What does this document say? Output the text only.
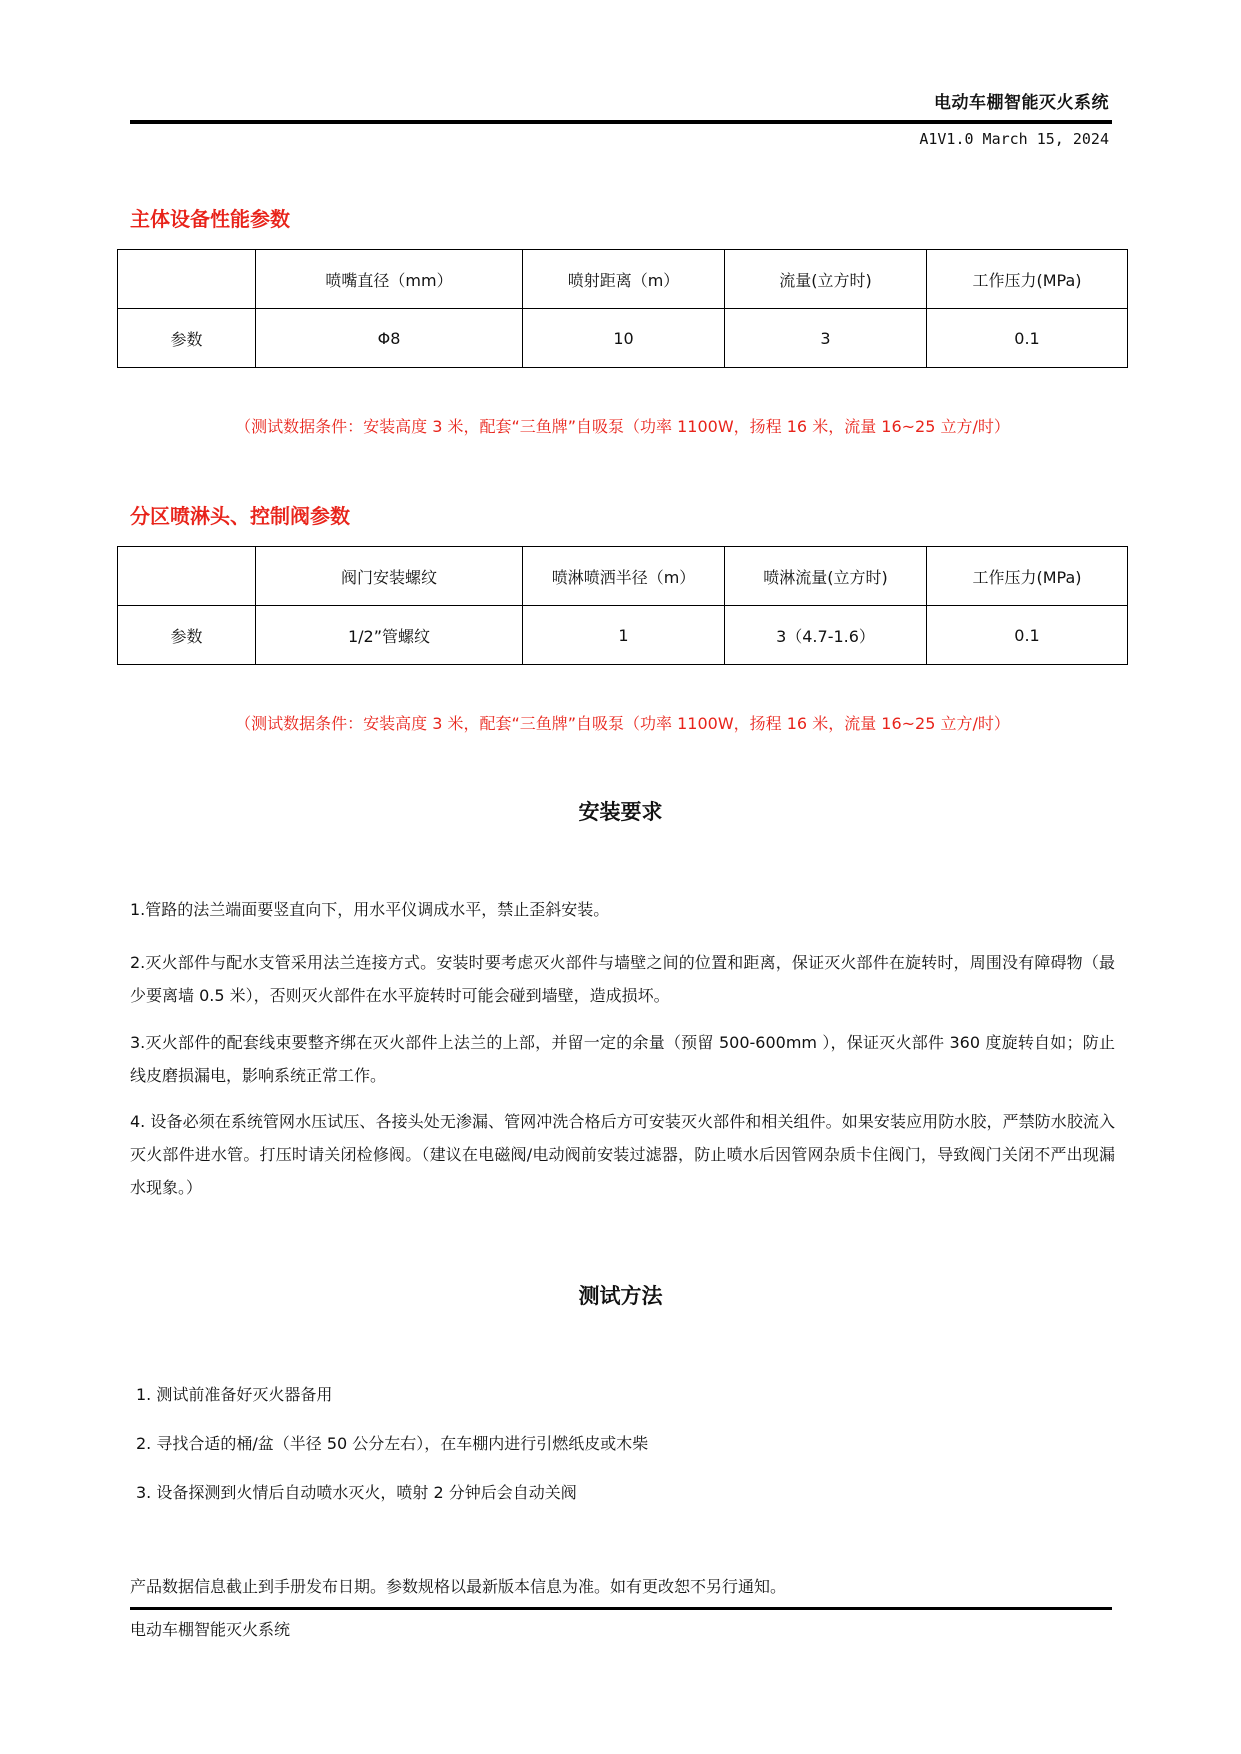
电动车棚智能灭火系统
A1V1.0 March 15, 2024
主体设备性能参数
	喷嘴直径（mm）	喷射距离（m）	流量(立方时)	工作压力(MPa)
参数	Φ8	10	3	0.1
（测试数据条件：安装高度 3 米，配套“三鱼牌”自吸泵（功率 1100W，扬程 16 米，流量 16~25 立方/时）
分区喷淋头、控制阀参数
	阀门安装螺纹	喷淋喷洒半径（m）	喷淋流量(立方时)	工作压力(MPa)
参数	1/2”管螺纹	1	3（4.7-1.6）	0.1
（测试数据条件：安装高度 3 米，配套“三鱼牌”自吸泵（功率 1100W，扬程 16 米，流量 16~25 立方/时）
安装要求
1.管路的法兰端面要竖直向下，用水平仪调成水平，禁止歪斜安装。
2.灭火部件与配水支管采用法兰连接方式。安装时要考虑灭火部件与墙壁之间的位置和距离，保证灭火部件在旋转时，周围没有障碍物（最少要离墙 0.5 米），否则灭火部件在水平旋转时可能会碰到墙壁，造成损坏。
3.灭火部件的配套线束要整齐绑在灭火部件上法兰的上部，并留一定的余量（预留 500-600mm ），保证灭火部件 360 度旋转自如；防止线皮磨损漏电，影响系统正常工作。
4. 设备必须在系统管网水压试压、各接头处无渗漏、管网冲洗合格后方可安装灭火部件和相关组件。如果安装应用防水胶，严禁防水胶流入灭火部件进水管。打压时请关闭检修阀。（建议在电磁阀/电动阀前安装过滤器，防止喷水后因管网杂质卡住阀门，导致阀门关闭不严出现漏水现象。）
测试方法
1. 测试前准备好灭火器备用
2. 寻找合适的桶/盆（半径 50 公分左右），在车棚内进行引燃纸皮或木柴
3. 设备探测到火情后自动喷水灭火，喷射 2 分钟后会自动关阀
产品数据信息截止到手册发布日期。参数规格以最新版本信息为准。如有更改恕不另行通知。
电动车棚智能灭火系统
